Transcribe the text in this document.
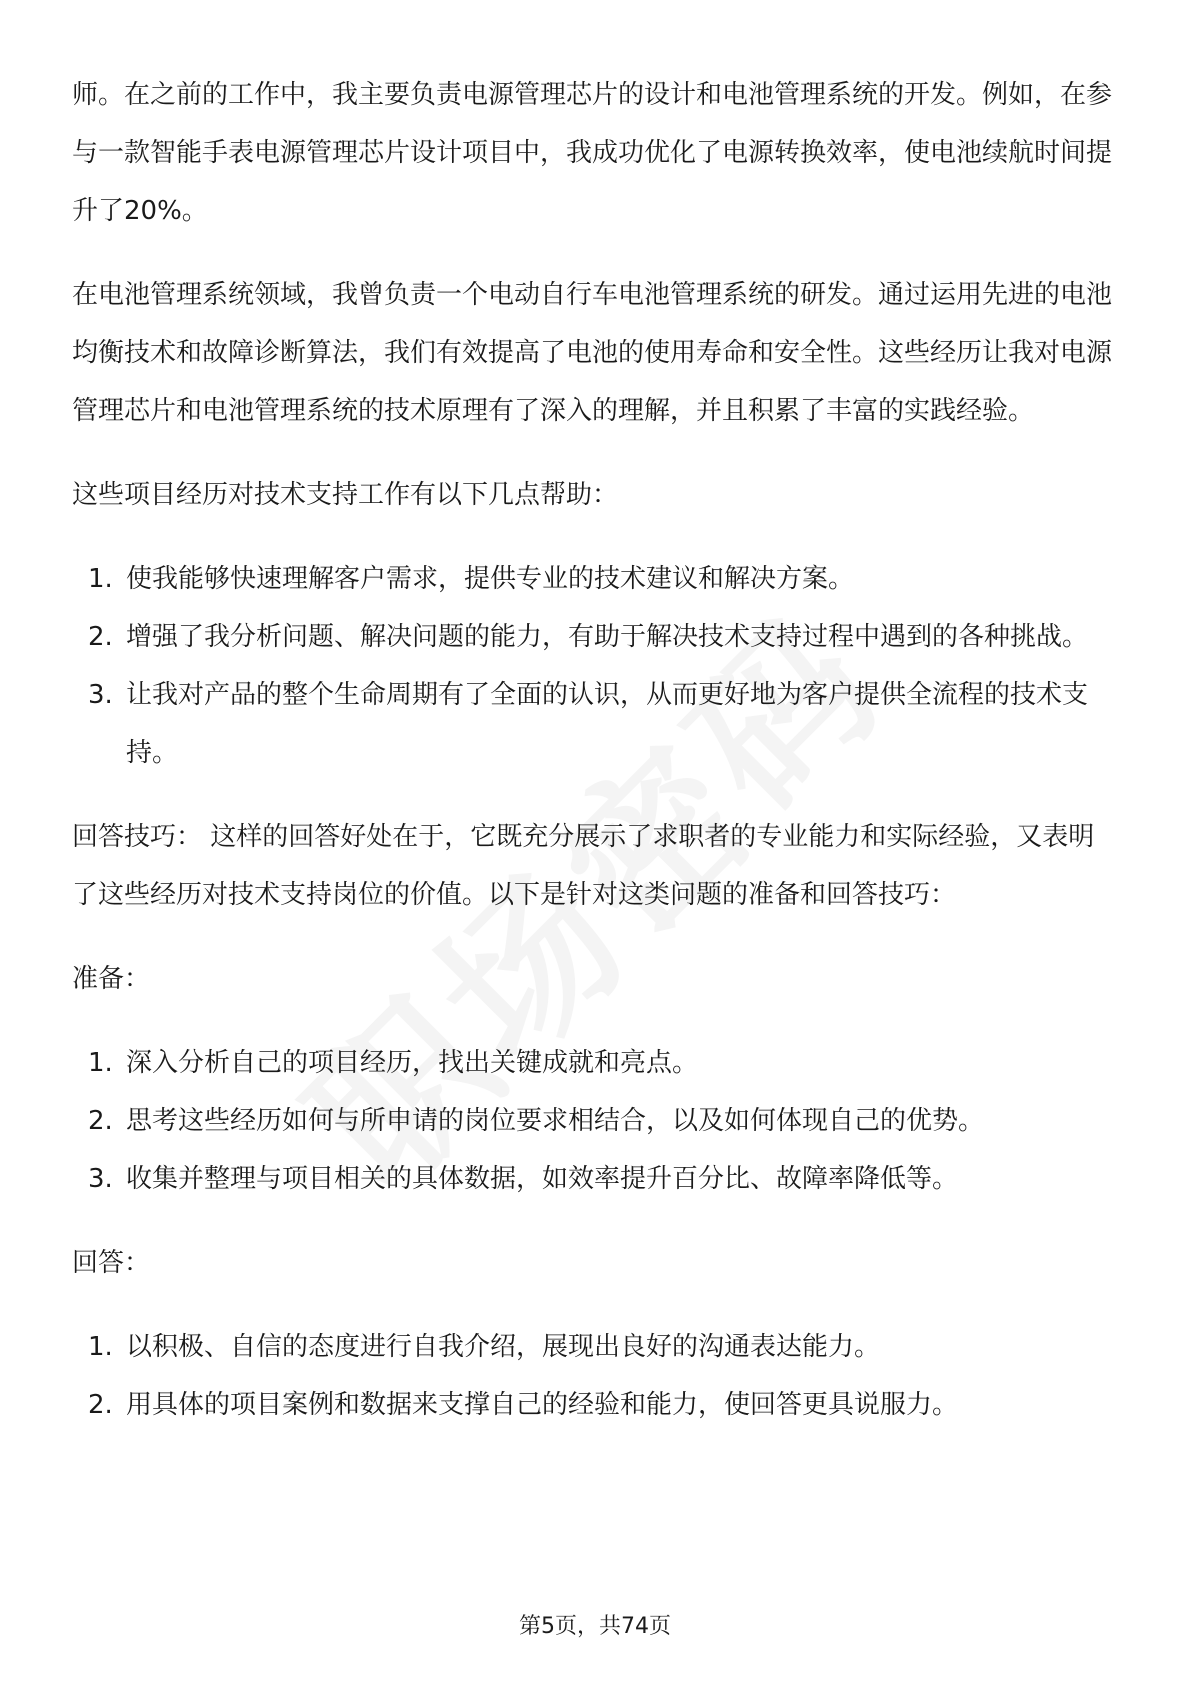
师。在之前的工作中，我主要负责电源管理芯片的设计和电池管理系统的开发。例如，在参与一款智能手表电源管理芯片设计项目中，我成功优化了电源转换效率，使电池续航时间提升了20%。

在电池管理系统领域，我曾负责一个电动自行车电池管理系统的研发。通过运用先进的电池均衡技术和故障诊断算法，我们有效提高了电池的使用寿命和安全性。这些经历让我对电源管理芯片和电池管理系统的技术原理有了深入的理解，并且积累了丰富的实践经验。

这些项目经历对技术支持工作有以下几点帮助：

1. 使我能够快速理解客户需求，提供专业的技术建议和解决方案。
2. 增强了我分析问题、解决问题的能力，有助于解决技术支持过程中遇到的各种挑战。
3. 让我对产品的整个生命周期有了全面的认识，从而更好地为客户提供全流程的技术支持。

回答技巧： 这样的回答好处在于，它既充分展示了求职者的专业能力和实际经验，又表明了这些经历对技术支持岗位的价值。以下是针对这类问题的准备和回答技巧：

准备：

1. 深入分析自己的项目经历，找出关键成就和亮点。
2. 思考这些经历如何与所申请的岗位要求相结合，以及如何体现自己的优势。
3. 收集并整理与项目相关的具体数据，如效率提升百分比、故障率降低等。

回答：

1. 以积极、自信的态度进行自我介绍，展现出良好的沟通表达能力。
2. 用具体的项目案例和数据来支撑自己的经验和能力，使回答更具说服力。
第5页，共74页
